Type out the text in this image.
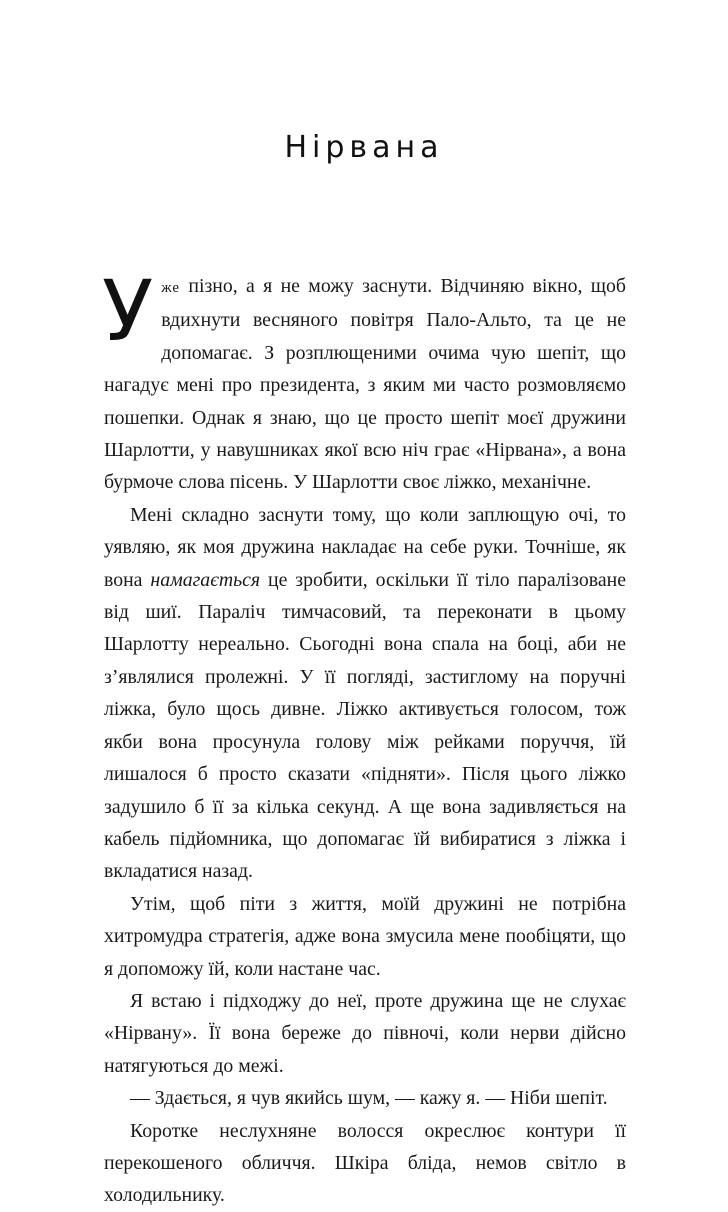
Нірвана

Уже пізно, а я не можу заснути. Відчиняю вікно, щоб вдихнути весняного повітря Пало-Альто, та це не допомагає. З розплющеними очима чую шепіт, що нагадує мені про президента, з яким ми часто розмовляємо пошепки. Однак я знаю, що це просто шепіт моєї дружини Шарлотти, у навушниках якої всю ніч грає «Нірвана», а вона бурмоче слова пісень. У Шарлотти своє ліжко, механічне.

Мені складно заснути тому, що коли заплющую очі, то уявляю, як моя дружина накладає на себе руки. Точніше, як вона намагається це зробити, оскільки її тіло паралізоване від шиї. Параліч тимчасовий, та переконати в цьому Шарлотту нереально. Сьогодні вона спала на боці, аби не з’являлися пролежні. У її погляді, застиглому на поручні ліжка, було щось дивне. Ліжко активується голосом, тож якби вона просунула голову між рейками поруччя, їй лишалося б просто сказати «підняти». Після цього ліжко задушило б її за кілька секунд. А ще вона задивляється на кабель підйомника, що допомагає їй вибиратися з ліжка і вкладатися назад.

Утім, щоб піти з життя, моїй дружині не потрібна хитромудра стратегія, адже вона змусила мене пообіцяти, що я допоможу їй, коли настане час.

Я встаю і підходжу до неї, проте дружина ще не слухає «Нірвану». Її вона береже до півночі, коли нерви дійсно натягуються до межі.

— Здається, я чув якийсь шум, — кажу я. — Ніби шепіт.

Коротке неслухняне волосся окреслює контури її перекошеного обличчя. Шкіра бліда, немов світло в холодильнику.
